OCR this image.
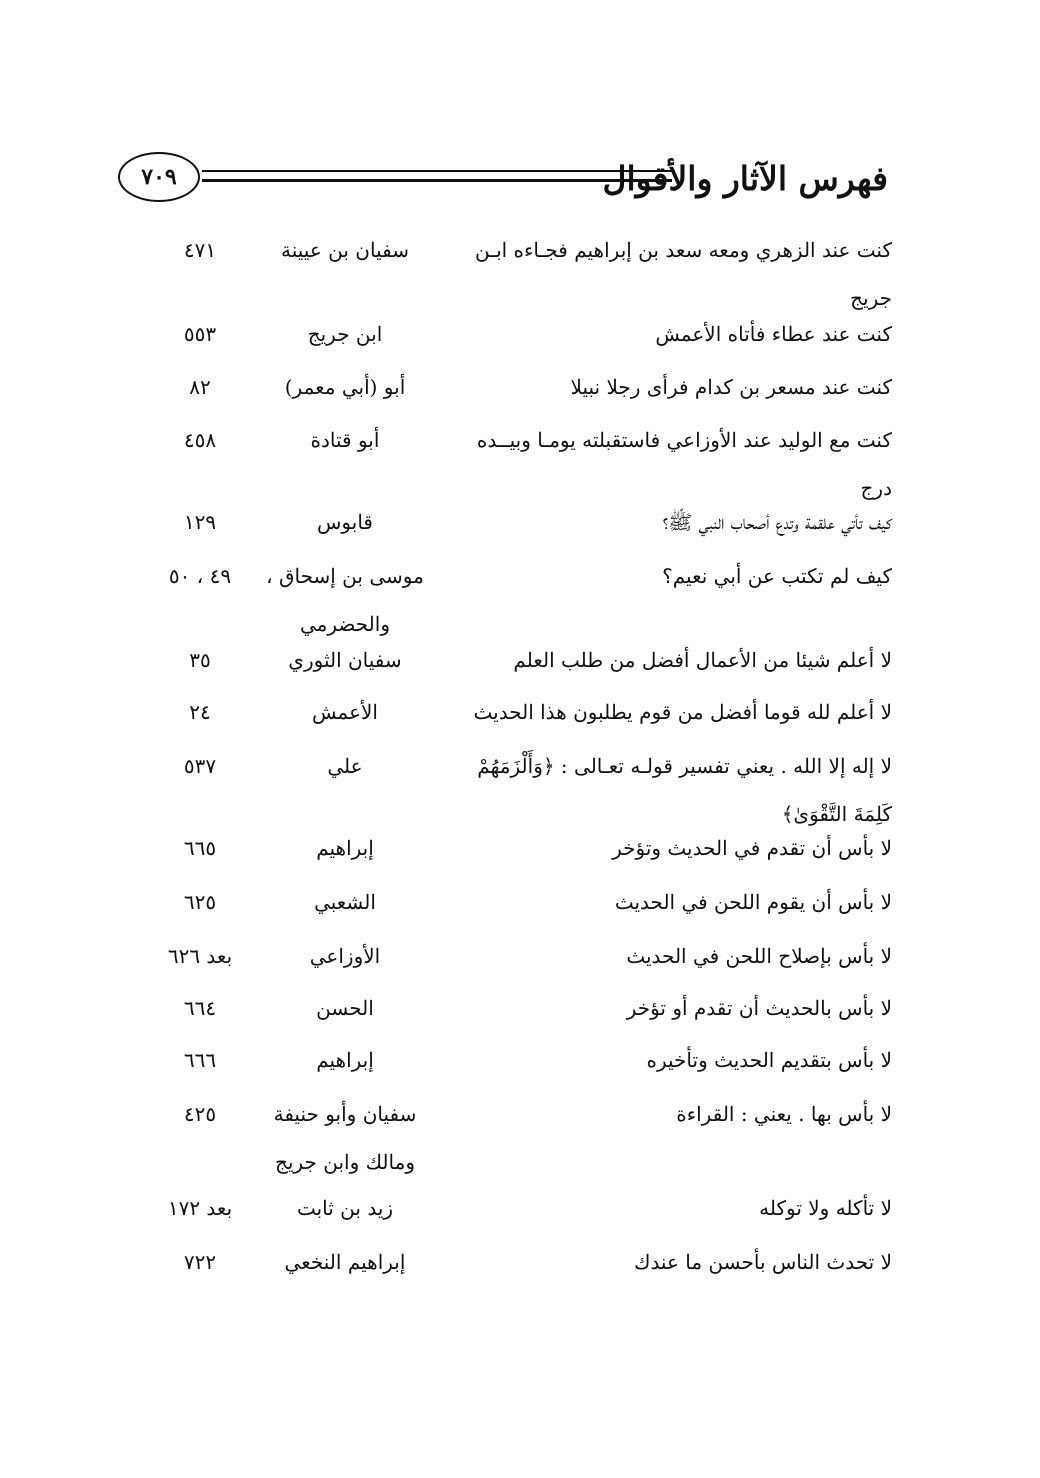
٧٠٩	فهرس الآثار والأقوال
كنت عند الزهري ومعه سعد بن إبراهيم فجـاءه ابـن جريج
سفيان بن عيينة
٤٧١
كنت عند عطاء فأتاه الأعمش
ابن جريج
٥٥٣
كنت عند مسعر بن كدام فرأى رجلا نبيلا
أبو (أبي معمر)
٨٢
كنت مع الوليد عند الأوزاعي فاستقبلته يومـا وبيــده درج
أبو قتادة
٤٥٨
كيف تأتي علقمة وتدع أصحاب النبي ﷺ؟
قابوس
١٢٩
كيف لم تكتب عن أبي نعيم؟
موسى بن إسحاق ، والحضرمي
٤٩ ، ٥٠
لا أعلم شيئا من الأعمال أفضل من طلب العلم
سفيان الثوري
٣٥
لا أعلم لله قوما أفضل من قوم يطلبون هذا الحديث
الأعمش
٢٤
لا إله إلا الله . يعني تفسير قولـه تعـالى : ﴿وَأَلْزَمَهُمْ كَلِمَةَ التَّقْوَىٰ﴾
علي
٥٣٧
لا بأس أن تقدم في الحديث وتؤخر
إبراهيم
٦٦٥
لا بأس أن يقوم اللحن في الحديث
الشعبي
٦٢٥
لا بأس بإصلاح اللحن في الحديث
الأوزاعي
بعد ٦٢٦
لا بأس بالحديث أن تقدم أو تؤخر
الحسن
٦٦٤
لا بأس بتقديم الحديث وتأخيره
إبراهيم
٦٦٦
لا بأس بها . يعني : القراءة
سفيان وأبو حنيفة ومالك وابن جريج
٤٢٥
لا تأكله ولا توكله
زيد بن ثابت
بعد ١٧٢
لا تحدث الناس بأحسن ما عندك
إبراهيم النخعي
٧٢٢
